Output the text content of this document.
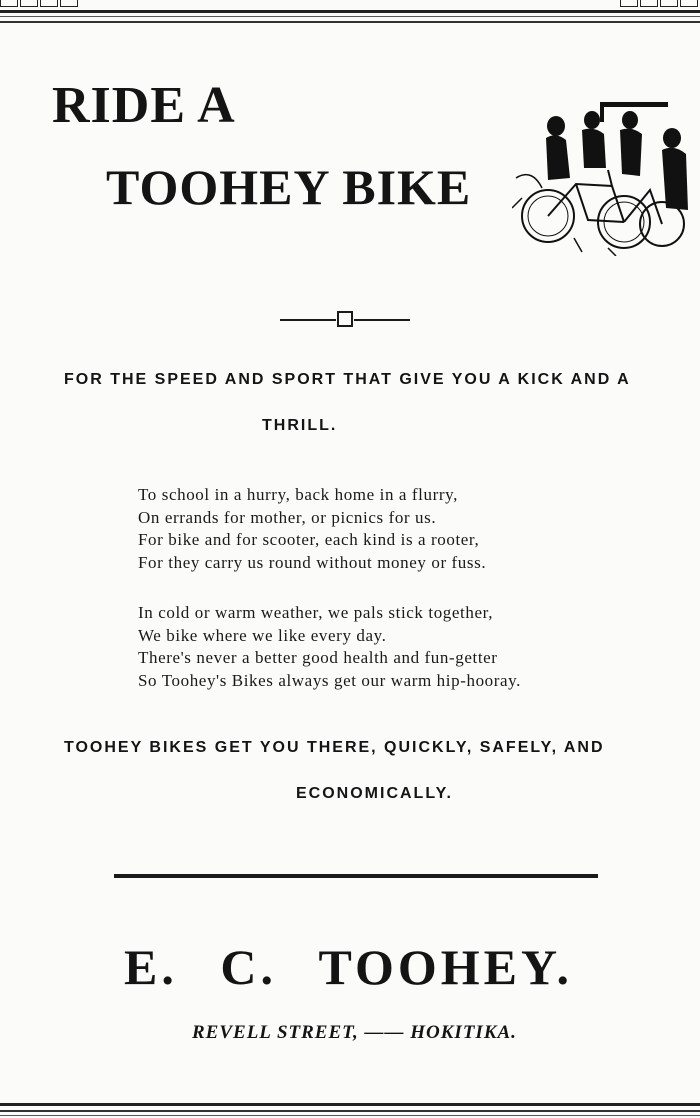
RIDE A
TOOHEY BIKE
FOR THE SPEED AND SPORT THAT GIVE YOU A KICK AND A
THRILL.
To school in a hurry, back home in a flurry,
On errands for mother, or picnics for us.
For bike and for scooter, each kind is a rooter,
For they carry us round without money or fuss.
In cold or warm weather, we pals stick together,
We bike where we like every day.
There's never a better good health and fun-getter
So Toohey's Bikes always get our warm hip-hooray.
TOOHEY BIKES GET YOU THERE, QUICKLY, SAFELY, AND
ECONOMICALLY.
E. C. TOOHEY.
REVELL STREET, —— HOKITIKA.
